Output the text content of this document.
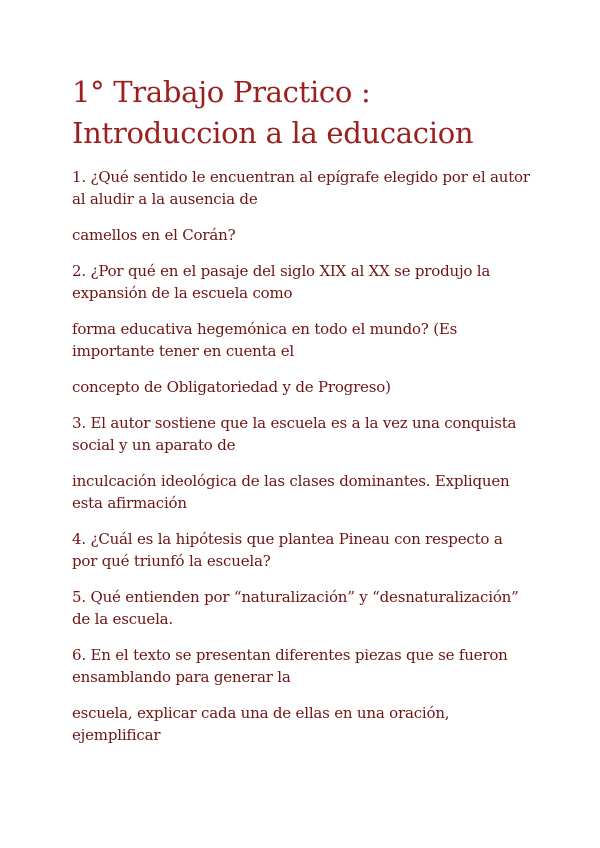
1° Trabajo Practico : Introduccion a la educacion

1. ¿Qué sentido le encuentran al epígrafe elegido por el autor al aludir a la ausencia de

camellos en el Corán?

2. ¿Por qué en el pasaje del siglo XIX al XX se produjo la expansión de la escuela como

forma educativa hegemónica en todo el mundo? (Es importante tener en cuenta el

concepto de Obligatoriedad y de Progreso)

3. El autor sostiene que la escuela es a la vez una conquista social y un aparato de

inculcación ideológica de las clases dominantes. Expliquen esta afirmación

4. ¿Cuál es la hipótesis que plantea Pineau con respecto a por qué triunfó la escuela?

5. Qué entienden por “naturalización” y “desnaturalización” de la escuela.

6. En el texto se presentan diferentes piezas que se fueron ensamblando para generar la

escuela, explicar cada una de ellas en una oración, ejemplificar
